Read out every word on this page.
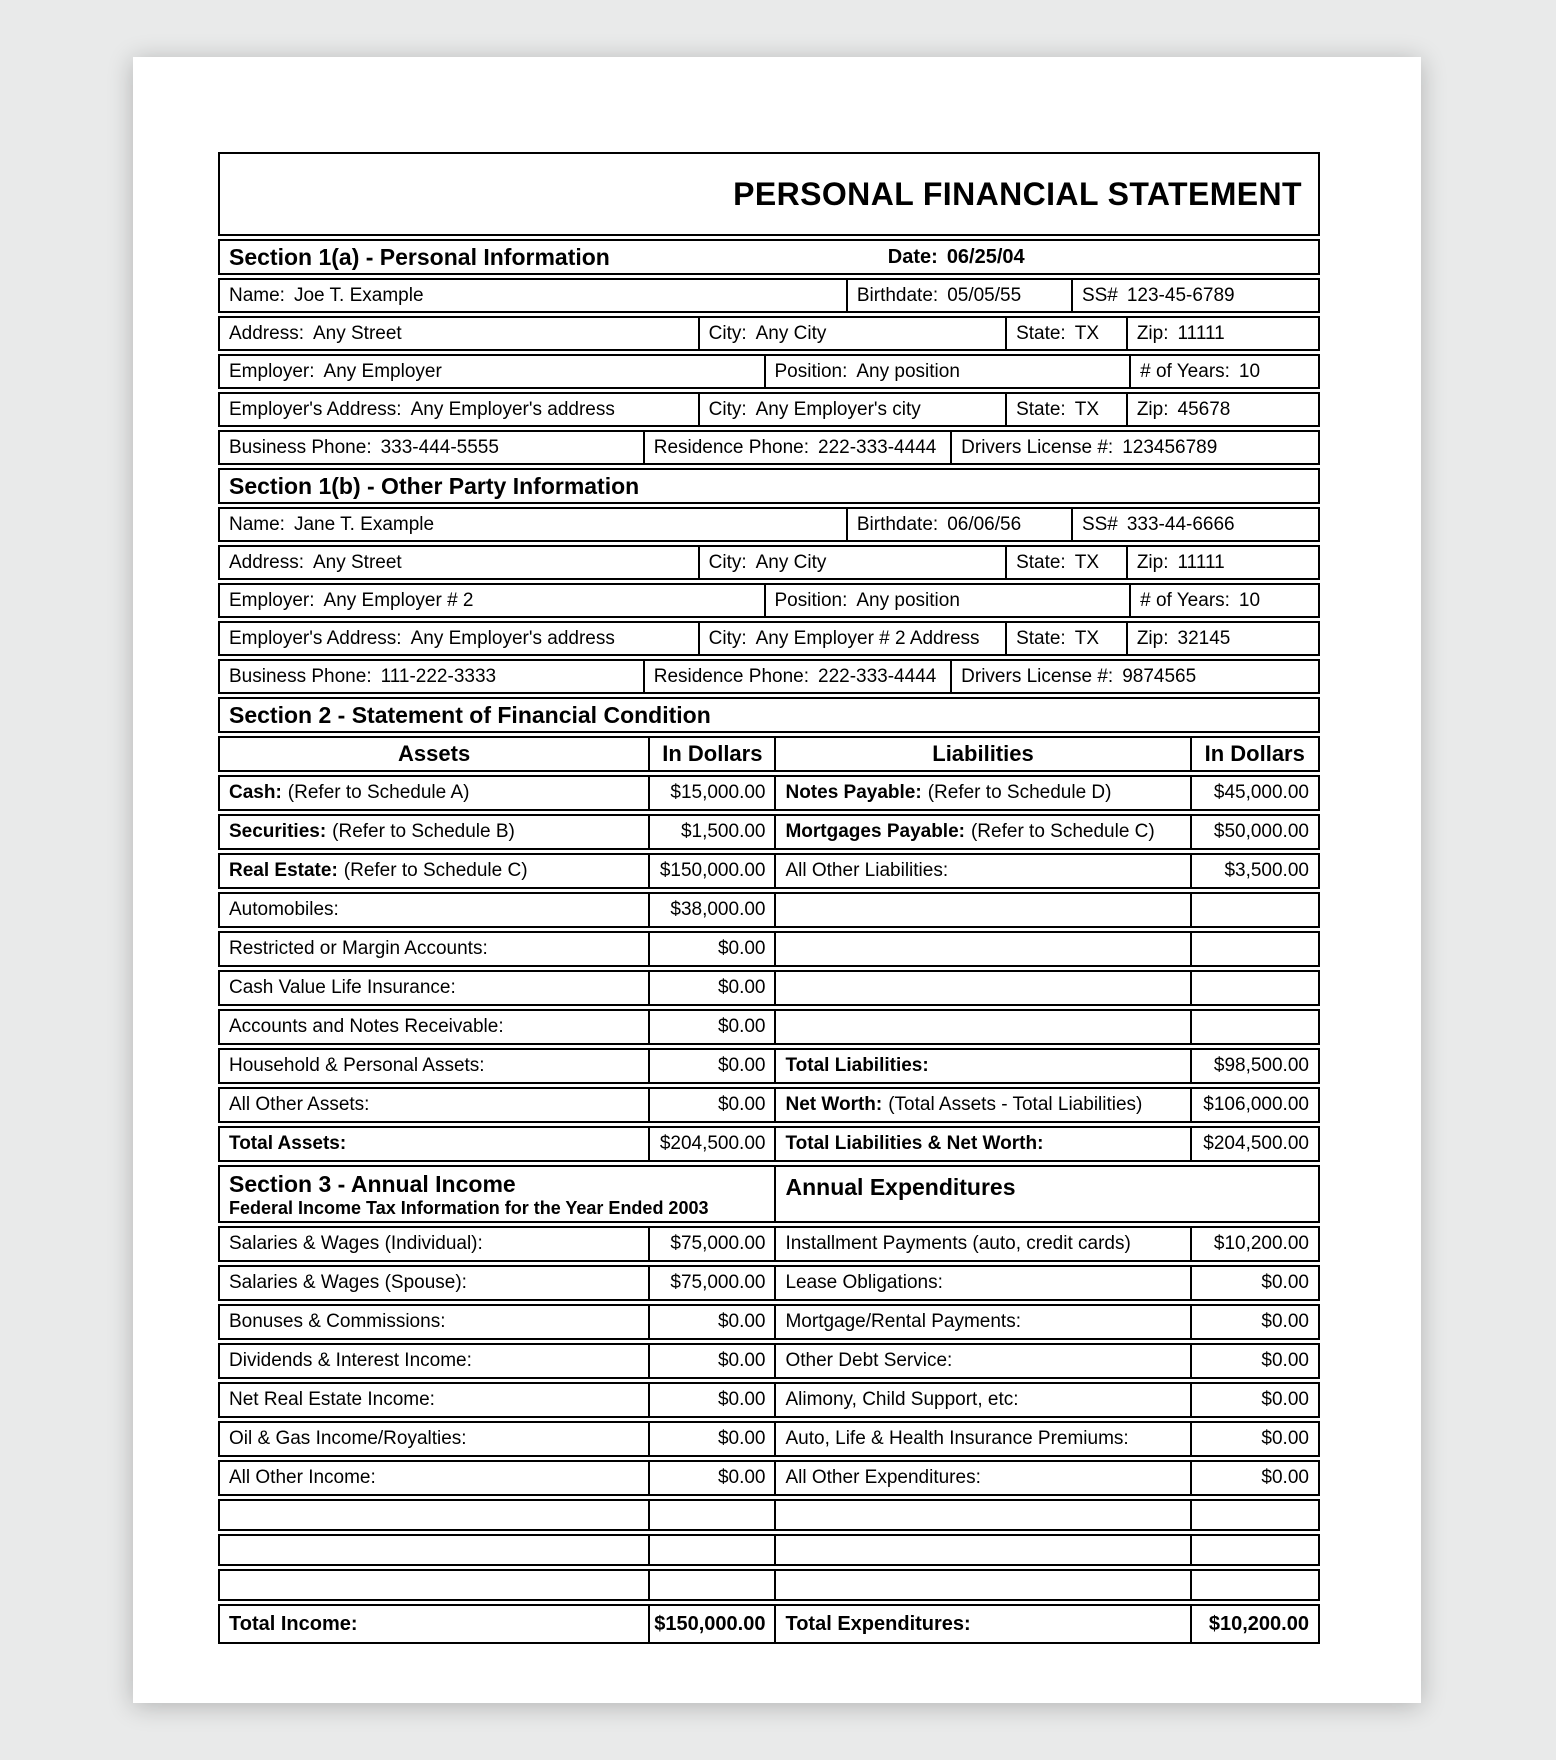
PERSONAL FINANCIAL STATEMENT
Section 1(a) - Personal Information	Date: 06/25/04
Name: Joe T. Example	Birthdate: 05/05/55	SS# 123-45-6789
Address: Any Street	City: Any City	State: TX Zip: 11111
Employer: Any Employer	Position: Any position	# of Years: 10
Employer's Address: Any Employer's address	City: Any Employer's city	State: TX Zip: 45678
Business Phone: 333-444-5555	Residence Phone: 222-333-4444 Drivers License #: 123456789
Section 1(b) - Other Party Information
Name: Jane T. Example	Birthdate: 06/06/56	SS# 333-44-6666
Address: Any Street	City: Any City	State: TX Zip: 11111
Employer: Any Employer # 2	Position: Any position	# of Years: 10
Employer's Address: Any Employer's address	City: Any Employer # 2 Address State: TX Zip: 32145
Business Phone: 111-222-3333	Residence Phone: 222-333-4444 Drivers License #: 9874565
Section 2 - Statement of Financial Condition
Assets	In Dollars	Liabilities	In Dollars
Cash: (Refer to Schedule A)	$15,000.00	Notes Payable: (Refer to Schedule D)	$45,000.00
Securities: (Refer to Schedule B)	$1,500.00	Mortgages Payable: (Refer to Schedule C)	$50,000.00
Real Estate: (Refer to Schedule C)	$150,000.00	All Other Liabilities:	$3,500.00
Automobiles:	$38,000.00
Restricted or Margin Accounts:	$0.00
Cash Value Life Insurance:	$0.00
Accounts and Notes Receivable:	$0.00
Household & Personal Assets:	$0.00	Total Liabilities:	$98,500.00
All Other Assets:	$0.00	Net Worth: (Total Assets - Total Liabilities)	$106,000.00
Total Assets:	$204,500.00	Total Liabilities & Net Worth:	$204,500.00
Section 3 - Annual Income
Federal Income Tax Information for the Year Ended 2003
Annual Expenditures
Salaries & Wages (Individual):	$75,000.00	Installment Payments (auto, credit cards)	$10,200.00
Salaries & Wages (Spouse):	$75,000.00	Lease Obligations:	$0.00
Bonuses & Commissions:	$0.00	Mortgage/Rental Payments:	$0.00
Dividends & Interest Income:	$0.00	Other Debt Service:	$0.00
Net Real Estate Income:	$0.00	Alimony, Child Support, etc:	$0.00
Oil & Gas Income/Royalties:	$0.00	Auto, Life & Health Insurance Premiums:	$0.00
All Other Income:	$0.00	All Other Expenditures:	$0.00
Total Income:	$150,000.00	Total Expenditures:	$10,200.00
